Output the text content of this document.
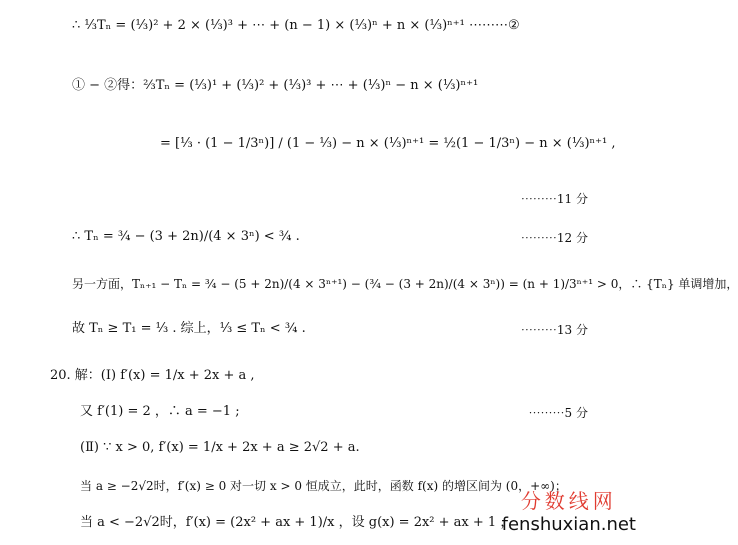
∴ ⅓Tₙ = (⅓)² + 2 × (⅓)³ + ⋯ + (n − 1) × (⅓)ⁿ + n × (⅓)ⁿ⁺¹ ⋯⋯⋯②
① − ②得：⅔Tₙ = (⅓)¹ + (⅓)² + (⅓)³ + ⋯ + (⅓)ⁿ − n × (⅓)ⁿ⁺¹
= [⅓ · (1 − 1/3ⁿ)] / (1 − ⅓) − n × (⅓)ⁿ⁺¹ = ½(1 − 1/3ⁿ) − n × (⅓)ⁿ⁺¹ ,
⋯⋯⋯11 分
∴ Tₙ = ¾ − (3 + 2n)/(4 × 3ⁿ) < ¾ .	⋯⋯⋯12 分
另一方面，Tₙ₊₁ − Tₙ = ¾ − (5 + 2n)/(4 × 3ⁿ⁺¹) − (¾ − (3 + 2n)/(4 × 3ⁿ)) = (n + 1)/3ⁿ⁺¹ > 0，∴ {Tₙ} 单调增加，
故 Tₙ ≥ T₁ = ⅓ . 综上，⅓ ≤ Tₙ < ¾ .	⋯⋯⋯13 分
20. 解：(Ⅰ) f′(x) = 1/x + 2x + a ,
又 f′(1) = 2 ，∴ a = −1 ;	⋯⋯⋯5 分
(Ⅱ) ∵ x > 0, f′(x) = 1/x + 2x + a ≥ 2√2 + a.
当 a ≥ −2√2时，f′(x) ≥ 0 对一切 x > 0 恒成立，此时，函数 f(x) 的增区间为 (0，+∞)；
当 a < −2√2时，f′(x) = (2x² + ax + 1)/x ，设 g(x) = 2x² + ax + 1 ，
分数线网
fenshuxian.net
